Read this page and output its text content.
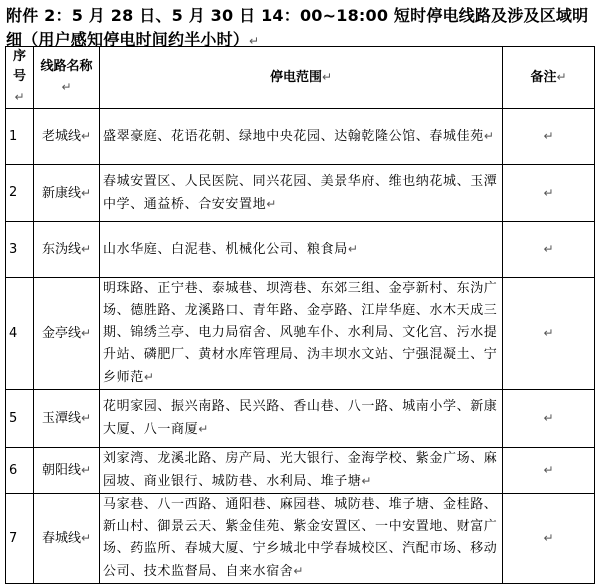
附件 2：5 月 28 日、5 月 30 日 14：00~18:00 短时停电线路及涉及区域明细（用户感知停电时间约半小时）↵
序号↵	线路名称↵	停电范围↵	备注↵
1	老城线↵	盛翠豪庭、花语花朝、绿地中央花园、达翰乾隆公馆、春城佳苑↵	↵
2	新康线↵	春城安置区、人民医院、同兴花园、美景华府、维也纳花城、玉潭中学、通益桥、合安安置地↵	↵
3	东沩线↵	山水华庭、白泥巷、机械化公司、粮食局↵	↵
4	金亭线↵	明珠路、正宁巷、泰城巷、坝湾巷、东郊三组、金亭新村、东沩广场、德胜路、龙溪路口、青年路、金亭路、江岸华庭、水木天成三期、锦绣兰亭、电力局宿舍、风驰车仆、水利局、文化宫、污水提升站、磷肥厂、黄材水库管理局、沩丰坝水文站、宁强混凝土、宁乡师范↵	↵
5	玉潭线↵	花明家园、振兴南路、民兴路、香山巷、八一路、城南小学、新康大厦、八一商厦↵	↵
6	朝阳线↵	刘家湾、龙溪北路、房产局、光大银行、金海学校、紫金广场、麻园坡、商业银行、城防巷、水利局、堆子塘↵	↵
7	春城线↵	马家巷、八一西路、通阳巷、麻园巷、城防巷、堆子塘、金桂路、新山村、御景云天、紫金佳苑、紫金安置区、一中安置地、财富广场、药监所、春城大厦、宁乡城北中学春城校区、汽配市场、移动公司、技术监督局、自来水宿舍↵	↵
